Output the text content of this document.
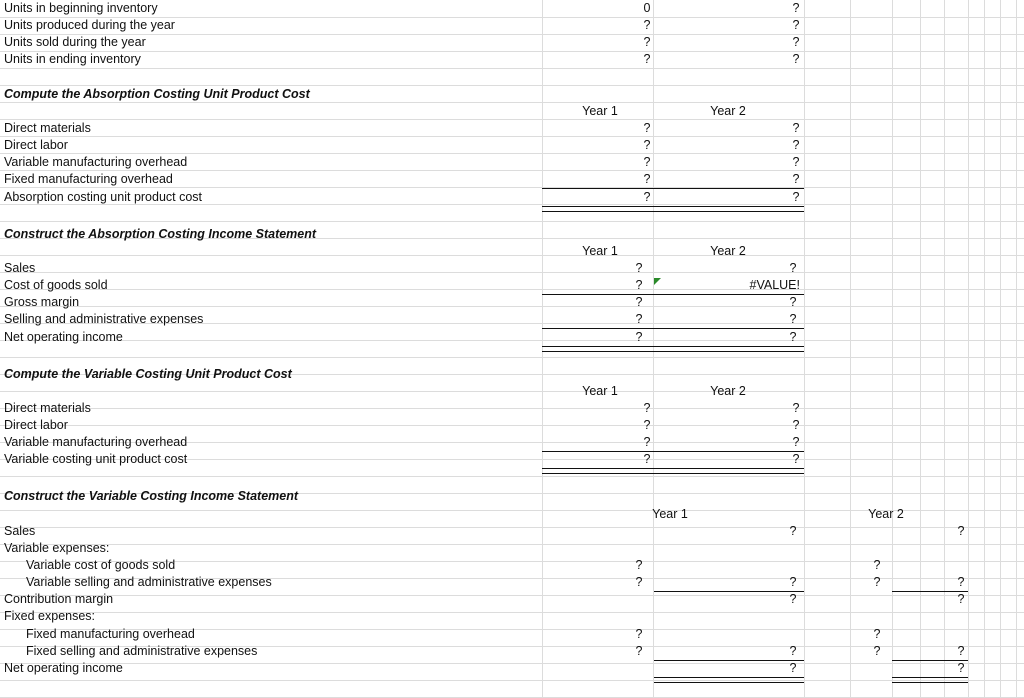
Units in beginning inventory	0	?
Units produced during the year	?	?
Units sold during the year	?	?
Units in ending inventory	?	?
Compute the Absorption Costing Unit Product Cost
Year 1	Year 2
Direct materials	?	?
Direct labor	?	?
Variable manufacturing overhead	?	?
Fixed manufacturing overhead	?	?
Absorption costing unit product cost	?	?
Construct the Absorption Costing Income Statement
Year 1	Year 2
Sales	?	?
Cost of goods sold	?	#VALUE!
Gross margin	?	?
Selling and administrative expenses	?	?
Net operating income	?	?
Compute the Variable Costing Unit Product Cost
Year 1	Year 2
Direct materials	?	?
Direct labor	?	?
Variable manufacturing overhead	?	?
Variable costing unit product cost	?	?
Construct the Variable Costing Income Statement
Year 1	Year 2
Sales	?	?
Variable expenses:
Variable cost of goods sold	?	?
Variable selling and administrative expenses	?	?	?	?
Contribution margin	?	?
Fixed expenses:
Fixed manufacturing overhead	?	?
Fixed selling and administrative expenses	?	?	?	?
Net operating income	?	?
